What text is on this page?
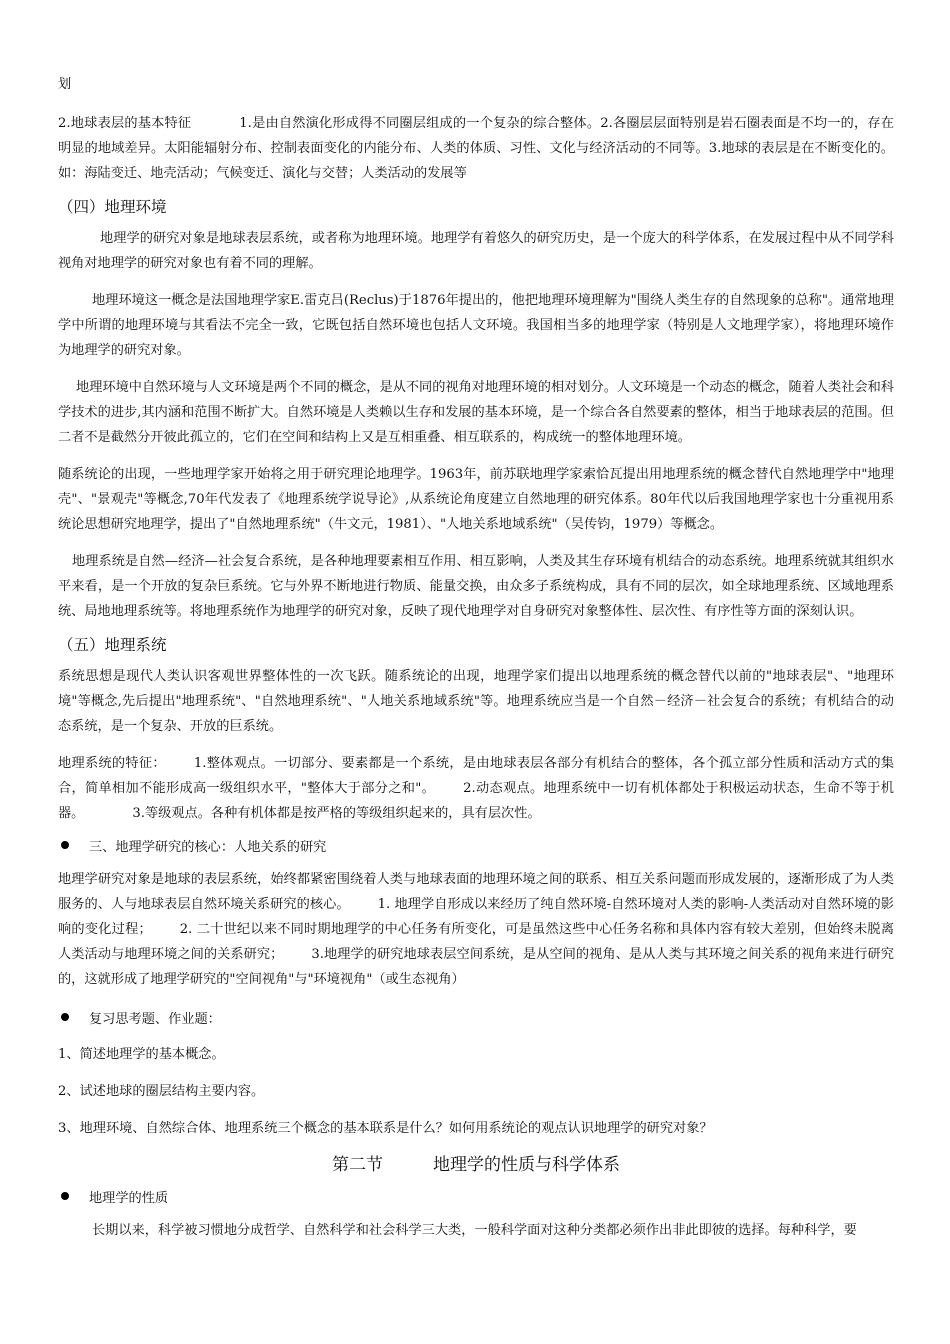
划

2.地球表层的基本特征	1.是由自然演化形成得不同圈层组成的一个复杂的综合整体。2.各圈层层面特别是岩石圈表面是不均一的，存在明显的地域差异。太阳能辐射分布、控制表面变化的内能分布、人类的体质、习性、文化与经济活动的不同等。3.地球的表层是在不断变化的。如：海陆变迁、地壳活动；气候变迁、演化与交替；人类活动的发展等

（四）地理环境

地理学的研究对象是地球表层系统，或者称为地理环境。地理学有着悠久的研究历史，是一个庞大的科学体系，在发展过程中从不同学科视角对地理学的研究对象也有着不同的理解。

地理环境这一概念是法国地理学家E.雷克吕(Reclus)于1876年提出的，他把地理环境理解为"围绕人类生存的自然现象的总称"。通常地理学中所谓的地理环境与其看法不完全一致，它既包括自然环境也包括人文环境。我国相当多的地理学家（特别是人文地理学家），将地理环境作为地理学的研究对象。

地理环境中自然环境与人文环境是两个不同的概念，是从不同的视角对地理环境的相对划分。人文环境是一个动态的概念，随着人类社会和科学技术的进步,其内涵和范围不断扩大。自然环境是人类赖以生存和发展的基本环境，是一个综合各自然要素的整体，相当于地球表层的范围。但二者不是截然分开彼此孤立的，它们在空间和结构上又是互相重叠、相互联系的，构成统一的整体地理环境。

随系统论的出现，一些地理学家开始将之用于研究理论地理学。1963年，前苏联地理学家索恰瓦提出用地理系统的概念替代自然地理学中"地理壳"、"景观壳"等概念,70年代发表了《地理系统学说导论》,从系统论角度建立自然地理的研究体系。80年代以后我国地理学家也十分重视用系统论思想研究地理学，提出了"自然地理系统"（牛文元，1981）、"人地关系地域系统"（吴传钧，1979）等概念。

地理系统是自然—经济—社会复合系统，是各种地理要素相互作用、相互影响，人类及其生存环境有机结合的动态系统。地理系统就其组织水平来看，是一个开放的复杂巨系统。它与外界不断地进行物质、能量交换，由众多子系统构成，具有不同的层次，如全球地理系统、区域地理系统、局地地理系统等。将地理系统作为地理学的研究对象，反映了现代地理学对自身研究对象整体性、层次性、有序性等方面的深刻认识。

（五）地理系统

系统思想是现代人类认识客观世界整体性的一次飞跃。随系统论的出现，地理学家们提出以地理系统的概念替代以前的"地球表层"、"地理环境"等概念,先后提出"地理系统"、"自然地理系统"、"人地关系地域系统"等。地理系统应当是一个自然－经济－社会复合的系统；有机结合的动态系统，是一个复杂、开放的巨系统。

地理系统的特征： 1.整体观点。一切部分、要素都是一个系统，是由地球表层各部分有机结合的整体，各个孤立部分性质和活动方式的集合，简单相加不能形成高一级组织水平，"整体大于部分之和"。 2.动态观点。地理系统中一切有机体都处于积极运动状态，生命不等于机器。	3.等级观点。各种有机体都是按严格的等级组织起来的，具有层次性。

三、地理学研究的核心：人地关系的研究

地理学研究对象是地球的表层系统，始终都紧密围绕着人类与地球表面的地理环境之间的联系、相互关系问题而形成发展的，逐渐形成了为人类服务的、人与地球表层自然环境关系研究的核心。 1. 地理学自形成以来经历了纯自然环境-自然环境对人类的影响-人类活动对自然环境的影响的变化过程； 2. 二十世纪以来不同时期地理学的中心任务有所变化，可是虽然这些中心任务名称和具体内容有较大差别，但始终未脱离人类活动与地理环境之间的关系研究； 3.地理学的研究地球表层空间系统，是从空间的视角、是从人类与其环境之间关系的视角来进行研究的，这就形成了地理学研究的"空间视角"与"环境视角"（或生态视角）

复习思考题、作业题：

1、简述地理学的基本概念。

2、试述地球的圈层结构主要内容。

3、地理环境、自然综合体、地理系统三个概念的基本联系是什么？如何用系统论的观点认识地理学的研究对象？

第二节	地理学的性质与科学体系
地理学的性质

长期以来，科学被习惯地分成哲学、自然科学和社会科学三大类，一般科学面对这种分类都必须作出非此即彼的选择。每种科学，要
